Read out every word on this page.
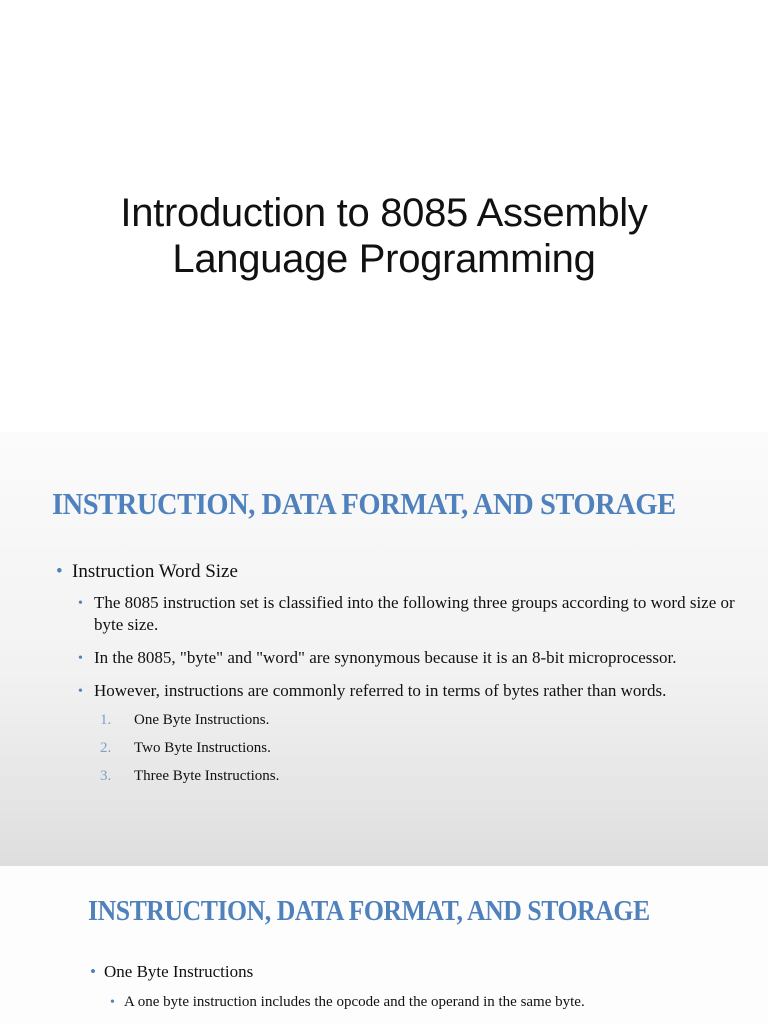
Introduction to 8085 Assembly
Language Programming
INSTRUCTION, DATA FORMAT, AND STORAGE
• Instruction Word Size
• The 8085 instruction set is classified into the following three groups according to word size or byte size.
• In the 8085, "byte" and "word" are synonymous because it is an 8-bit microprocessor.
• However, instructions are commonly referred to in terms of bytes rather than words.
1. One Byte Instructions.
2. Two Byte Instructions.
3. Three Byte Instructions.
INSTRUCTION, DATA FORMAT, AND STORAGE
• One Byte Instructions
• A one byte instruction includes the opcode and the operand in the same byte.
